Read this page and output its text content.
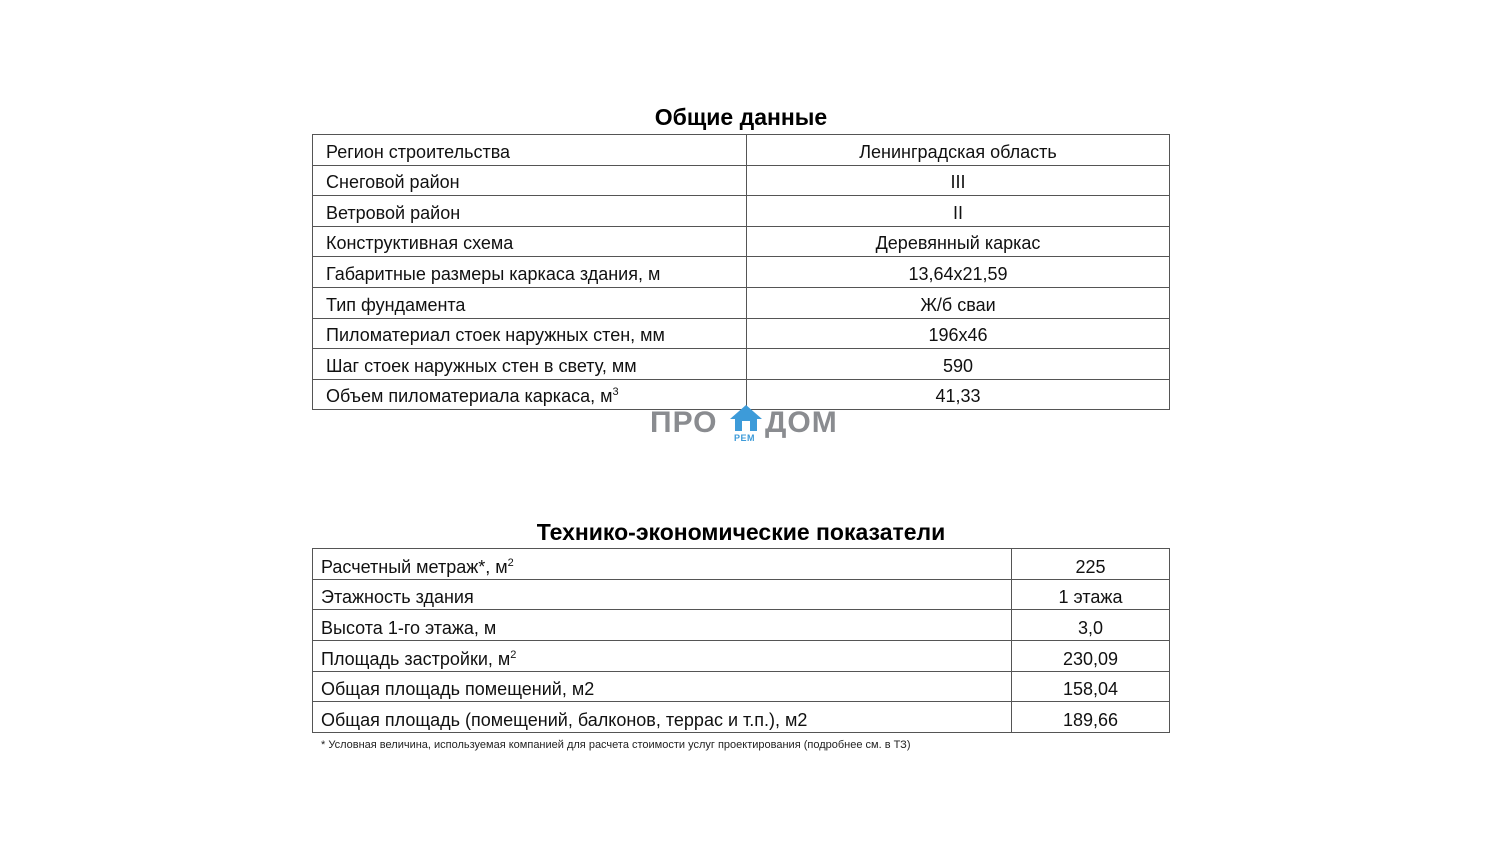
Общие данные
Регион строительства	Ленинградская область
Снеговой район	III
Ветровой район	II
Конструктивная схема	Деревянный каркас
Габаритные размеры каркаса здания, м	13,64x21,59
Тип фундамента	Ж/б сваи
Пиломатериал стоек наружных стен, мм	196x46
Шаг стоек наружных стен в свету, мм	590
Объем пиломатериала каркаса, $м^3$	41,33
ПРО РЕМ ДОМ
Технико-экономические показатели
Расчетный метраж*, $м^2$	225
Этажность здания	1 этажа
Высота 1-го этажа, м	3,0
Площадь застройки, $м^2$	230,09
Общая площадь помещений, м2	158,04
Общая площадь (помещений, балконов, террас и т.п.), м2	189,66
* Условная величина, используемая компанией для расчета стоимости услуг проектирования (подробнее см. в ТЗ)
